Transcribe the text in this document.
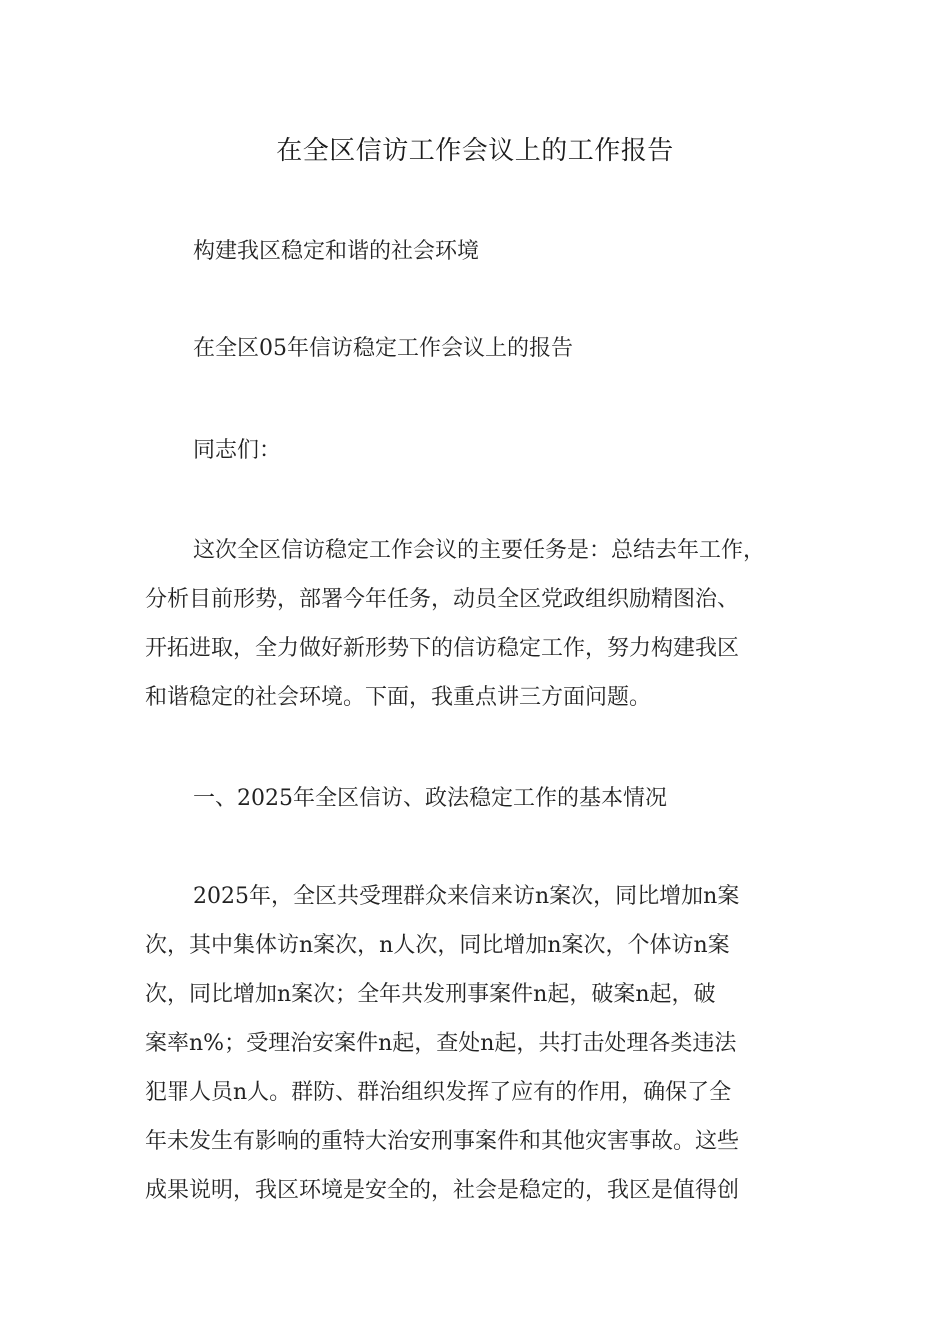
在全区信访工作会议上的工作报告
构建我区稳定和谐的社会环境
在全区05年信访稳定工作会议上的报告
同志们：
这次全区信访稳定工作会议的主要任务是：总结去年工作，
分析目前形势，部署今年任务，动员全区党政组织励精图治、
开拓进取，全力做好新形势下的信访稳定工作，努力构建我区
和谐稳定的社会环境。下面，我重点讲三方面问题。
一、2025年全区信访、政法稳定工作的基本情况
2025年，全区共受理群众来信来访n案次，同比增加n案
次，其中集体访n案次，n人次，同比增加n案次，个体访n案
次，同比增加n案次；全年共发刑事案件n起，破案n起，破
案率n%；受理治安案件n起，查处n起，共打击处理各类违法
犯罪人员n人。群防、群治组织发挥了应有的作用，确保了全
年未发生有影响的重特大治安刑事案件和其他灾害事故。这些
成果说明，我区环境是安全的，社会是稳定的，我区是值得创
